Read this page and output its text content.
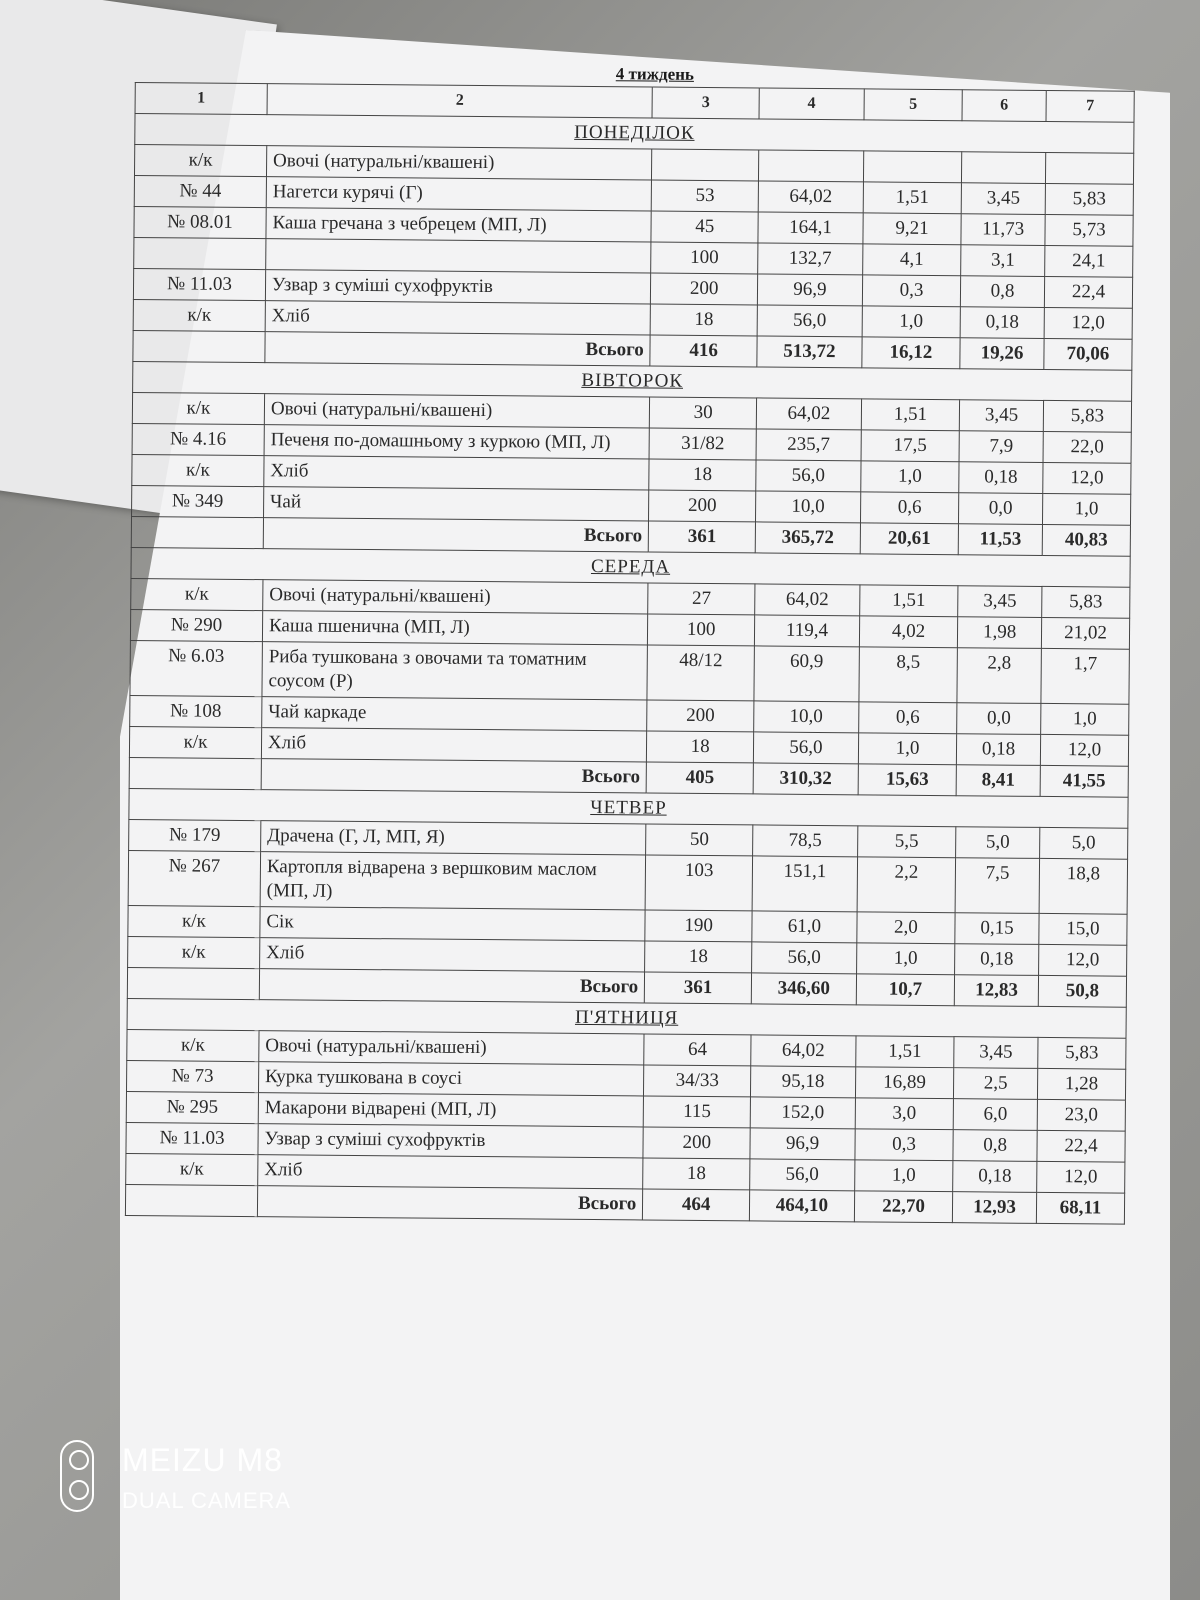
4 тиждень
1	2	3	4	5	6	7
ПОНЕДІЛОК						
к/к	Овочі (натуральні/квашені)					
№ 44	Нагетси курячі (Г)	53	64,02	1,51	3,45	5,83
№ 08.01	Каша гречана з чебрецем (МП, Л)	45	164,1	9,21	11,73	5,73
		100	132,7	4,1	3,1	24,1
№ 11.03	Узвар з суміші сухофруктів	200	96,9	0,3	0,8	22,4
к/к	Хліб	18	56,0	1,0	0,18	12,0
	Всього	416	513,72	16,12	19,26	70,06
ВІВТОРОК						
к/к	Овочі (натуральні/квашені)	30	64,02	1,51	3,45	5,83
№ 4.16	Печеня по-домашньому з куркою (МП, Л)	31/82	235,7	17,5	7,9	22,0
к/к	Хліб	18	56,0	1,0	0,18	12,0
№ 349	Чай	200	10,0	0,6	0,0	1,0
	Всього	361	365,72	20,61	11,53	40,83
СЕРЕДА						
к/к	Овочі (натуральні/квашені)	27	64,02	1,51	3,45	5,83
№ 290	Каша пшенична (МП, Л)	100	119,4	4,02	1,98	21,02
№ 6.03	Риба тушкована з овочами та томатним соусом (Р)	48/12	60,9	8,5	2,8	1,7
№ 108	Чай каркаде	200	10,0	0,6	0,0	1,0
к/к	Хліб	18	56,0	1,0	0,18	12,0
	Всього	405	310,32	15,63	8,41	41,55
ЧЕТВЕР						
№ 179	Драчена (Г, Л, МП, Я)	50	78,5	5,5	5,0	5,0
№ 267	Картопля відварена з вершковим маслом (МП, Л)	103	151,1	2,2	7,5	18,8
к/к	Сік	190	61,0	2,0	0,15	15,0
к/к	Хліб	18	56,0	1,0	0,18	12,0
	Всього	361	346,60	10,7	12,83	50,8
П'ЯТНИЦЯ						
к/к	Овочі (натуральні/квашені)	64	64,02	1,51	3,45	5,83
№ 73	Курка тушкована в соусі	34/33	95,18	16,89	2,5	1,28
№ 295	Макарони відварені (МП, Л)	115	152,0	3,0	6,0	23,0
№ 11.03	Узвар з суміші сухофруктів	200	96,9	0,3	0,8	22,4
к/к	Хліб	18	56,0	1,0	0,18	12,0
	Всього	464	464,10	22,70	12,93	68,11
MEIZU M8
DUAL CAMERA
